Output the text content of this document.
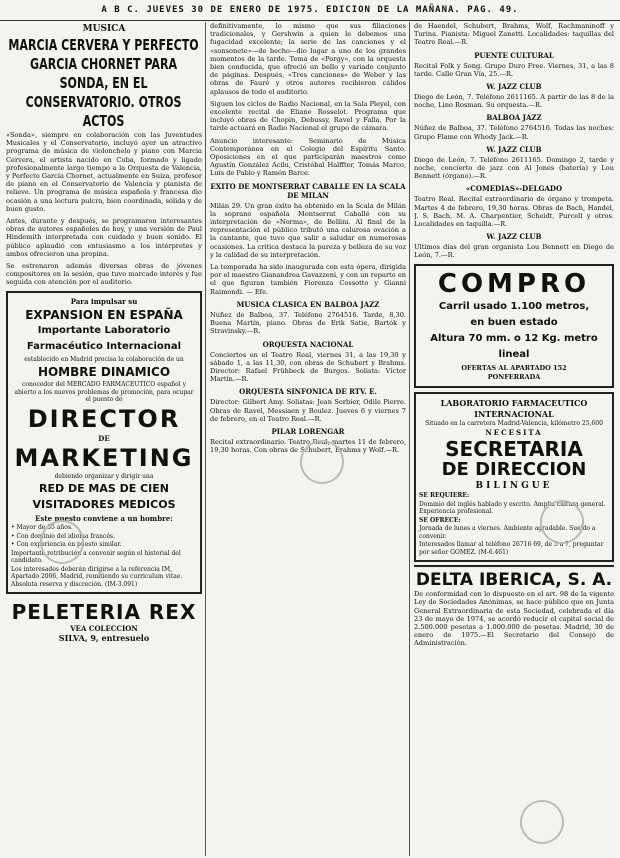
A B C. JUEVES 30 DE ENERO DE 1975. EDICION DE LA MAÑANA. PAG. 49.
MUSICA
MARCIA CERVERA Y PERFECTO GARCIA CHORNET PARA SONDA, EN EL CONSERVATORIO. OTROS ACTOS

«Sonda», siempre en colaboración con las Juventudes Musicales y el Conservatorio, incluyó ayer un atractivo programa de música de violonchelo y piano con Marcia Cervera, el artista nacido en Cuba, formado y ligado profesionalmente largo tiempo a la Orquesta de Valencia, y Perfecto García Chornet, actualmente en Suiza, profesor de piano en el Conservatorio de Valencia y pianista de relieve. Un programa de música española y francesa dio ocasión a una lectura pulcra, bien coordinada, sólida y de buen gusto.

Antes, durante y después, se programaron interesantes obras de autores españoles de hoy, y una versión de Paul Hindemith interpretada con cuidado y buen sonido. El público aplaudió con entusiasmo a los intérpretes y ambos ofrecieron una propina.

Se estrenaron además diversas obras de jóvenes compositores en la sesión, que tuvo marcado interés y fue seguida con atención por el auditorio.

Para impulsar su
EXPANSION EN ESPAÑA
Importante Laboratorio
Farmacéutico Internacional
establecido en Madrid precisa la colaboración de un
HOMBRE DINAMICO
conocedor del MERCADO FARMACEUTICO español y abierto a los nuevos problemas de promoción, para ocupar el puesto de
DIRECTOR
DE
MARKETING
debiendo organizar y dirigir una
RED DE MAS DE CIEN
VISITADORES MEDICOS
Este puesto conviene a un hombre:
• Mayor de 35 años.
• Con dominio del idioma francés.
• Con experiencia en puesto similar.
Importante retribución a convenir según el historial del candidato.
Los interesados deberán dirigirse a la referencia IM, Apartado 2006, Madrid, remitiendo su curriculum vitae. Absoluta reserva y discreción. (IM-3.091)
PELETERIA REX
VEA COLECCION
SILVA, 9, entresuelo

definitivamente, lo mismo que sus filiaciones tradicionales, y Gershwin a quien le debemos una fugacidad excelente; la serie de las canciones y el «sonsonete»—de hecho—dio lugar a uno de los grandes momentos de la tarde. Tema de «Porgy», con la orquesta bien conducida, que ofreció un bello y variado conjunto de páginas. Después, «Tres canciones» de Weber y las obras de Fauré y otros autores recibieron cálidos aplausos de todo el auditorio.

Siguen los ciclos de Radio Nacional, en la Sala Pleyel, con excelente recital de Eliane Rosselot. Programa que incluyó obras de Chopin, Debussy, Ravel y Falla. Por la tarde actuará en Radio Nacional el grupo de cámara.

Anuncio interesante: Seminario de Música Contemporánea en el Colegio del Espíritu Santo. Oposiciones en el que participarán maestros como Agustín González Acilu, Cristóbal Halffter, Tomás Marco, Luis de Pablo y Ramón Barce.

EXITO DE MONTSERRAT CABALLE EN LA SCALA DE MILAN

Milán 29. Un gran éxito ha obtenido en la Scala de Milán la soprano española Montserrat Caballé con su interpretación de «Norma», de Bellini. Al final de la representación el público tributó una calurosa ovación a la cantante, que tuvo que salir a saludar en numerosas ocasiones. La crítica destaca la pureza y belleza de su voz y la calidad de su interpretación.

La temporada ha sido inaugurada con esta ópera, dirigida por el maestro Gianandrea Gavazzeni, y con un reparto en el que figuran también Fiorenza Cossotto y Gianni Raimondi. — Efe.

MUSICA CLASICA EN BALBOA JAZZ

Núñez de Balboa, 37. Teléfono 2764516. Tarde, 8,30. Buena Martín, piano. Obras de Erik Satie, Bartók y Stravinsky.—R.

ORQUESTA NACIONAL

Conciertos en el Teatro Real, viernes 31, a las 19,30 y sábado 1, a las 11,30, con obras de Schubert y Brahms. Director: Rafael Frühbeck de Burgos. Solista: Víctor Martín.—R.

ORQUESTA SINFONICA DE RTV. E.

Director: Gilbert Amy. Solistas: Jean Sorbier, Odile Pierre. Obras de Ravel, Messiaen y Boulez. Jueves 6 y viernes 7 de febrero, en el Teatro Real.—R.

PILAR LORENGAR

Recital extraordinario. Teatro Real, martes 11 de febrero, 19,30 horas. Con obras de Schubert, Brahms y Wolf.—R.

de Haendel, Schubert, Brahms, Wolf, Rachmaninoff y Turina. Pianista: Miguel Zanetti. Localidades: taquillas del Teatro Real.—R.

PUENTE CULTURAL

Recital Folk y Song. Grupo Duro Free. Viernes, 31, a las 8 tarde. Calle Gran Vía, 25.—R.

W. JAZZ CLUB

Diego de León, 7. Teléfono 2611165. A partir de las 8 de la noche, Lino Rosman. Su orquesta.—R.

BALBOA JAZZ

Núñez de Balboa, 37. Teléfono 2764516. Todas las noches: Grupo Flame con Whody Jack.—R.

W. JAZZ CLUB

Diego de León, 7. Teléfono 2611165. Domingo 2, tarde y noche, concierto de jazz con Al Jones (batería) y Lou Bennett (órgano).—R.

«COMEDIAS»-DELGADO

Teatro Real. Recital extraordinario de órgano y trompeta. Martes 4 de febrero, 19,30 horas. Obras de Bach, Handel, J. S. Bach, M. A. Charpentier, Scheidt, Purcell y otros. Localidades en taquilla.—R.

W. JAZZ CLUB

Ultimos días del gran organista Lou Bennett en Diego de León, 7.—R.

COMPRO
Carril usado 1.100 metros,
en buen estado
Altura 70 mm. o 12 Kg. metro
lineal
OFERTAS AL APARTADO 152
PONFERRADA
LABORATORIO FARMACEUTICO
INTERNACIONAL
Situado en la carretera Madrid-Valencia, kilómetro 25,600
NECESITA
SECRETARIA
DE DIRECCION
BILINGUE
SE REQUIERE:
Dominio del inglés hablado y escrito. Amplia cultura general. Experiencia profesional.
SE OFRECE:
Jornada de lunes a viernes. Ambiente agradable. Sueldo a convenir.
Interesados llamar al teléfono 26716 69, de 5 a 7, preguntar por señor GOMEZ. (M-6.461)
DELTA IBERICA, S. A.

De conformidad con lo dispuesto en el art. 98 de la vigente Ley de Sociedades Anónimas, se hace público que en Junta General Extraordinaria de esta Sociedad, celebrada el día 23 de mayo de 1974, se acordó reducir el capital social de 2.500.000 pesetas a 1.000.000 de pesetas. Madrid, 30 de enero de 1975.—El Secretario del Consejo de Administración.
